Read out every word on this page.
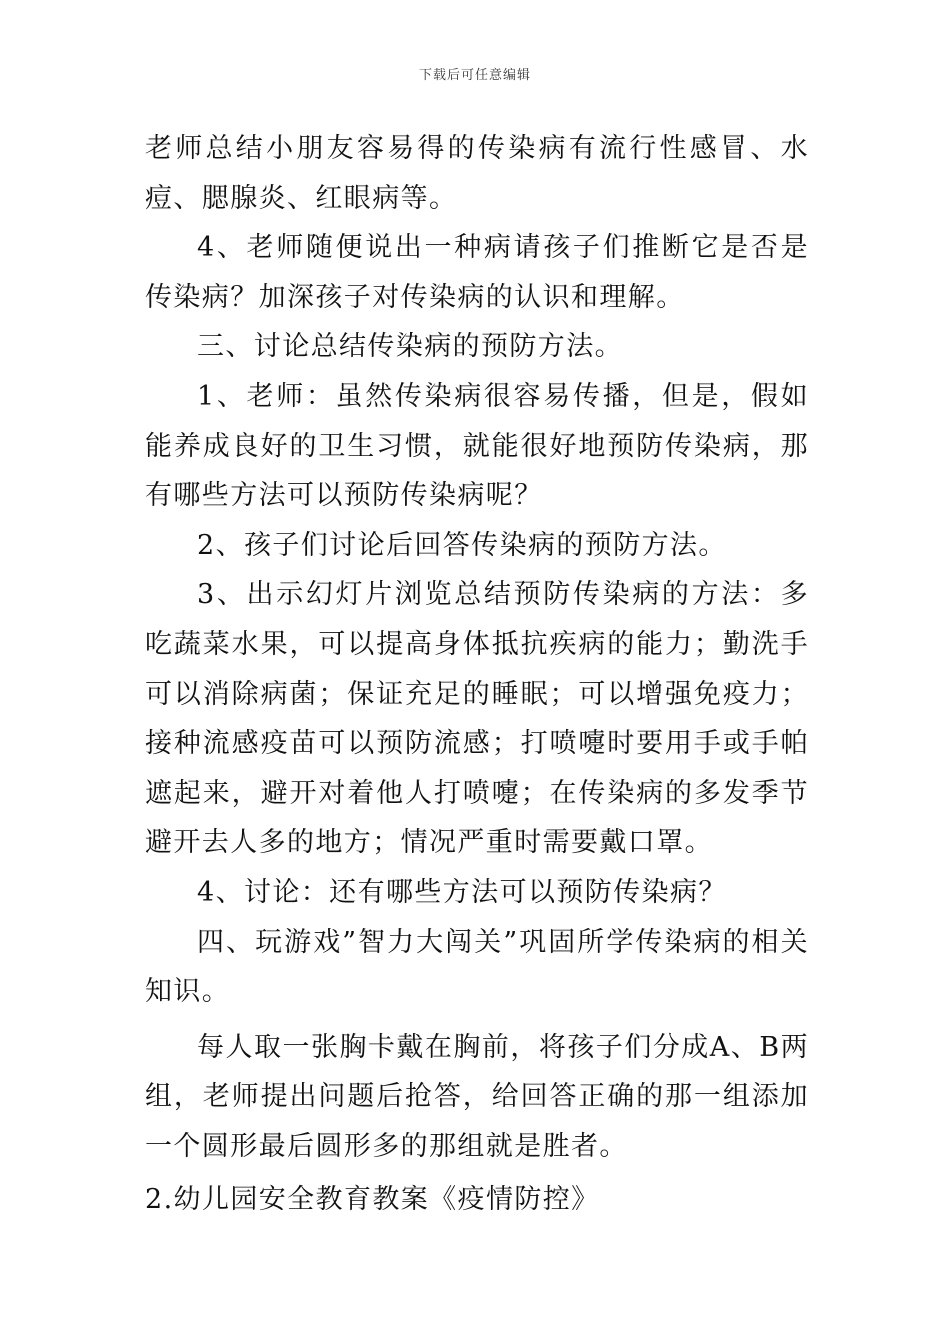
下载后可任意编辑

老师总结小朋友容易得的传染病有流行性感冒、水痘、腮腺炎、红眼病等。

4、老师随便说出一种病请孩子们推断它是否是传染病？加深孩子对传染病的认识和理解。

三、讨论总结传染病的预防方法。

1、老师：虽然传染病很容易传播，但是，假如能养成良好的卫生习惯，就能很好地预防传染病，那有哪些方法可以预防传染病呢？

2、孩子们讨论后回答传染病的预防方法。

3、出示幻灯片浏览总结预防传染病的方法：多吃蔬菜水果，可以提高身体抵抗疾病的能力；勤洗手可以消除病菌；保证充足的睡眠；可以增强免疫力；接种流感疫苗可以预防流感；打喷嚏时要用手或手帕遮起来，避开对着他人打喷嚏；在传染病的多发季节避开去人多的地方；情况严重时需要戴口罩。

4、讨论：还有哪些方法可以预防传染病？

四、玩游戏”智力大闯关”巩固所学传染病的相关知识。

每人取一张胸卡戴在胸前，将孩子们分成A、B两组，老师提出问题后抢答，给回答正确的那一组添加一个圆形最后圆形多的那组就是胜者。

2.幼儿园安全教育教案《疫情防控》
